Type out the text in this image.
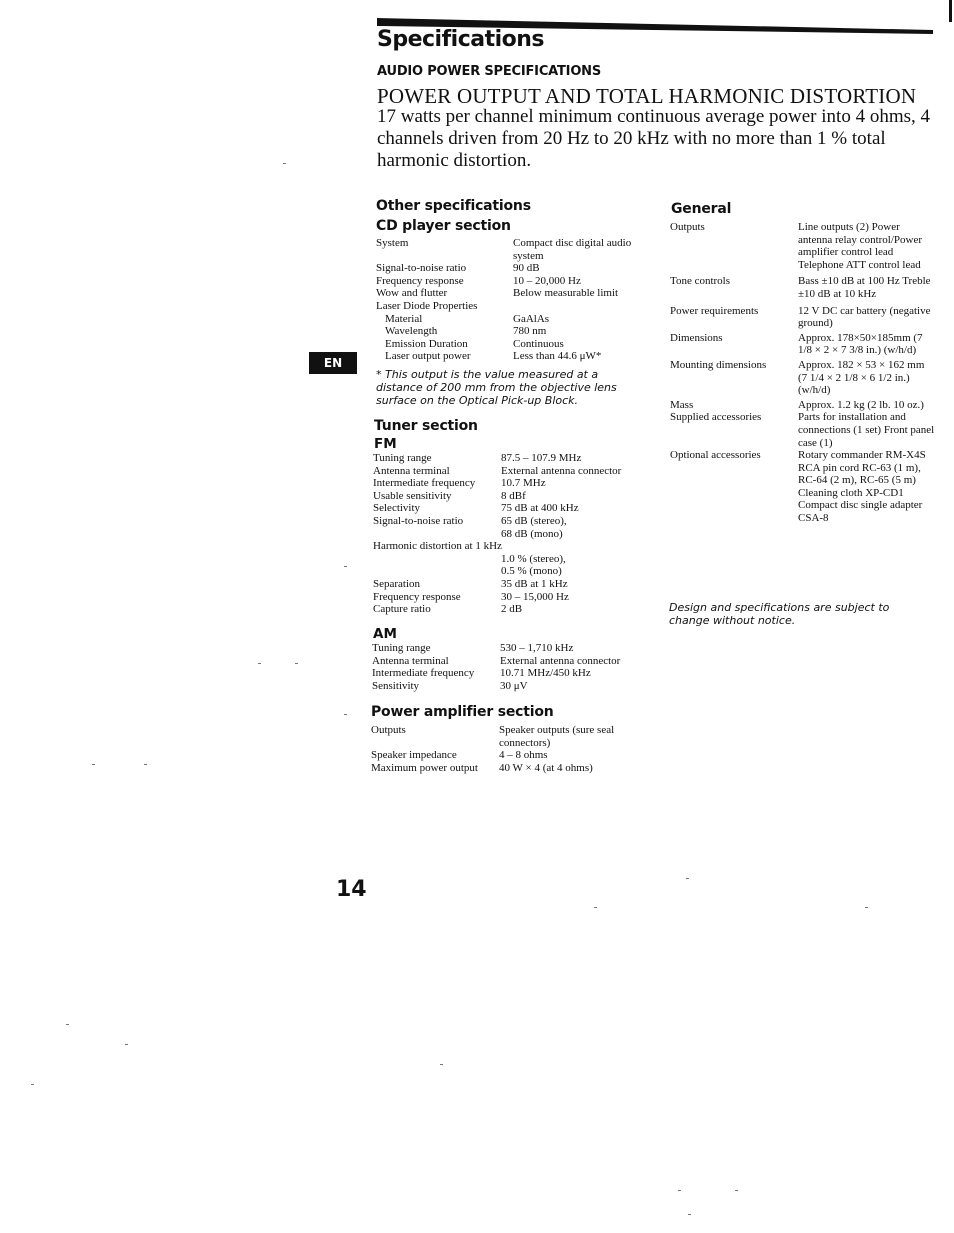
Specifications
AUDIO POWER SPECIFICATIONS
POWER OUTPUT AND TOTAL HARMONIC DISTORTION
17 watts per channel minimum continuous average power into 4 ohms, 4 channels driven from 20 Hz to 20 kHz with no more than 1 % total harmonic distortion.
EN
Other specifications
CD player section
System	Compact disc digital audio system
Signal-to-noise ratio	90 dB
Frequency response	10 – 20,000 Hz
Wow and flutter	Below measurable limit
Laser Diode Properties	
Material	GaAlAs
Wavelength	780 nm
Emission Duration	Continuous
Laser output power	Less than 44.6 μW*
* This output is the value measured at a distance of 200 mm from the objective lens surface on the Optical Pick-up Block.
Tuner section
FM
Tuning range	87.5 – 107.9 MHz
Antenna terminal	External antenna connector
Intermediate frequency	10.7 MHz
Usable sensitivity	8 dBf
Selectivity	75 dB at 400 kHz
Signal-to-noise ratio	65 dB (stereo),
	68 dB (mono)
Harmonic distortion at 1 kHz	
	1.0 % (stereo),
	0.5 % (mono)
Separation	35 dB at 1 kHz
Frequency response	30 – 15,000 Hz
Capture ratio	2 dB
AM
Tuning range	530 – 1,710 kHz
Antenna terminal	External antenna connector
Intermediate frequency	10.71 MHz/450 kHz
Sensitivity	30 μV
Power amplifier section
Outputs	Speaker outputs (sure seal connectors)
Speaker impedance	4 – 8 ohms
Maximum power output	40 W × 4 (at 4 ohms)
General
Outputs	Line outputs (2) Power antenna relay control/Power amplifier control lead Telephone ATT control lead
Tone controls	Bass ±10 dB at 100 Hz Treble ±10 dB at 10 kHz
Power requirements	12 V DC car battery (negative ground)
Dimensions	Approx. 178×50×185mm (7 1/8 × 2 × 7 3/8 in.) (w/h/d)
Mounting dimensions	Approx. 182 × 53 × 162 mm (7 1/4 × 2 1/8 × 6 1/2 in.) (w/h/d)
Mass	Approx. 1.2 kg (2 lb. 10 oz.)
Supplied accessories	Parts for installation and connections (1 set) Front panel case (1)
Optional accessories	Rotary commander RM-X4S RCA pin cord RC-63 (1 m), RC-64 (2 m), RC-65 (5 m) Cleaning cloth XP-CD1 Compact disc single adapter CSA-8
Design and specifications are subject to change without notice.
14
